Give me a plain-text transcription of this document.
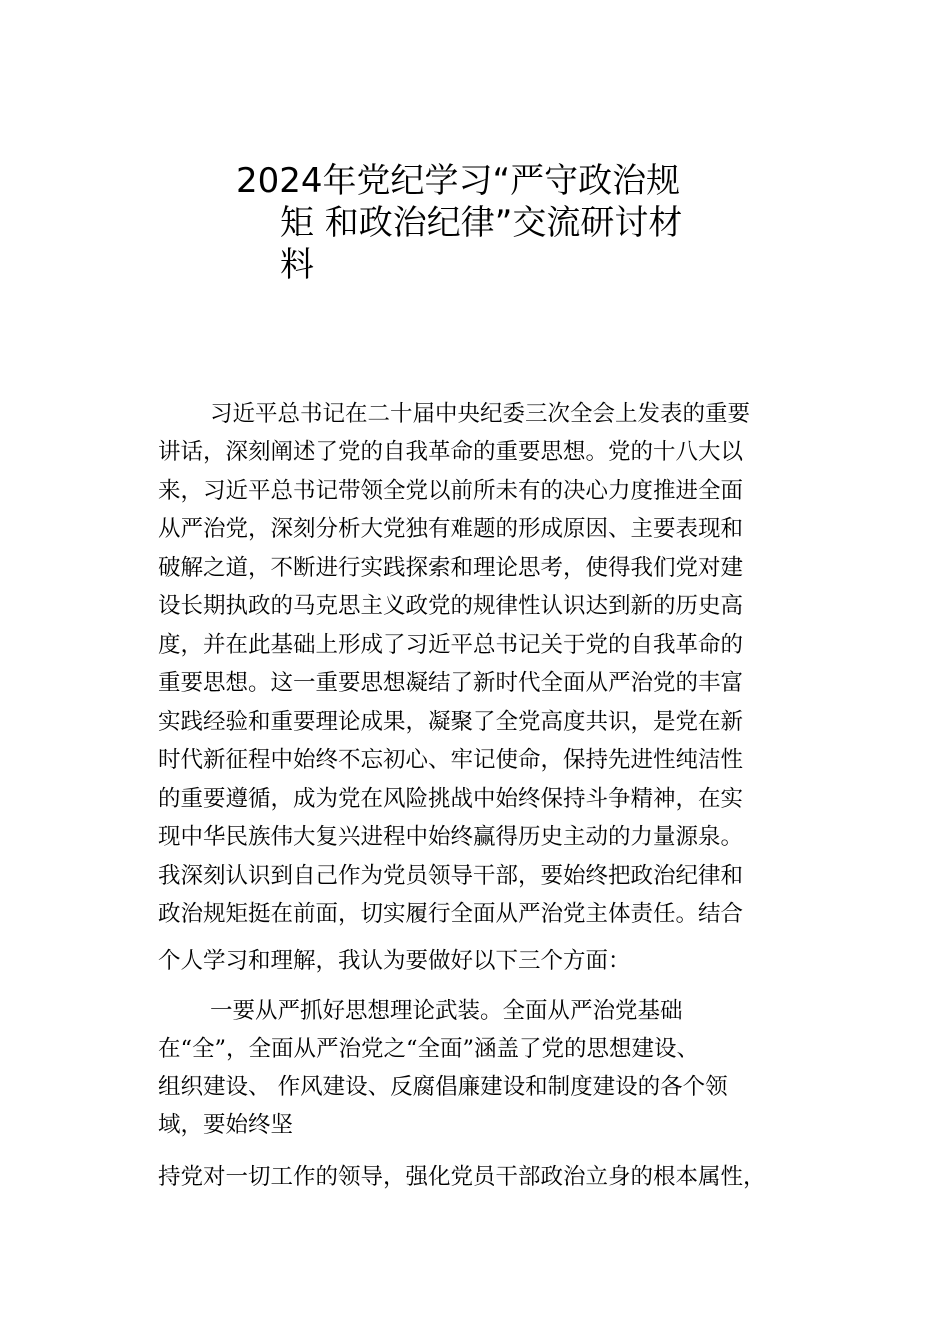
2024年党纪学习“严守政治规
矩 和政治纪律”交流研讨材
料
习近平总书记在二十届中央纪委三次全会上发表的重要
讲话，深刻阐述了党的自我革命的重要思想。党的十八大以
来，习近平总书记带领全党以前所未有的决心力度推进全面
从严治党，深刻分析大党独有难题的形成原因、主要表现和
破解之道，不断进行实践探索和理论思考，使得我们党对建
设长期执政的马克思主义政党的规律性认识达到新的历史高
度，并在此基础上形成了习近平总书记关于党的自我革命的
重要思想。这一重要思想凝结了新时代全面从严治党的丰富
实践经验和重要理论成果，凝聚了全党高度共识，是党在新
时代新征程中始终不忘初心、牢记使命，保持先进性纯洁性
的重要遵循，成为党在风险挑战中始终保持斗争精神，在实
现中华民族伟大复兴进程中始终赢得历史主动的力量源泉。
我深刻认识到自己作为党员领导干部，要始终把政治纪律和
政治规矩挺在前面，切实履行全面从严治党主体责任。结合
个人学习和理解，我认为要做好以下三个方面：
一要从严抓好思想理论武装。全面从严治党基础
在“全”，全面从严治党之“全面”涵盖了党的思想建设、
组织建设、 作风建设、反腐倡廉建设和制度建设的各个领
域，要始终坚
持党对一切工作的领导，强化党员干部政治立身的根本属性，
